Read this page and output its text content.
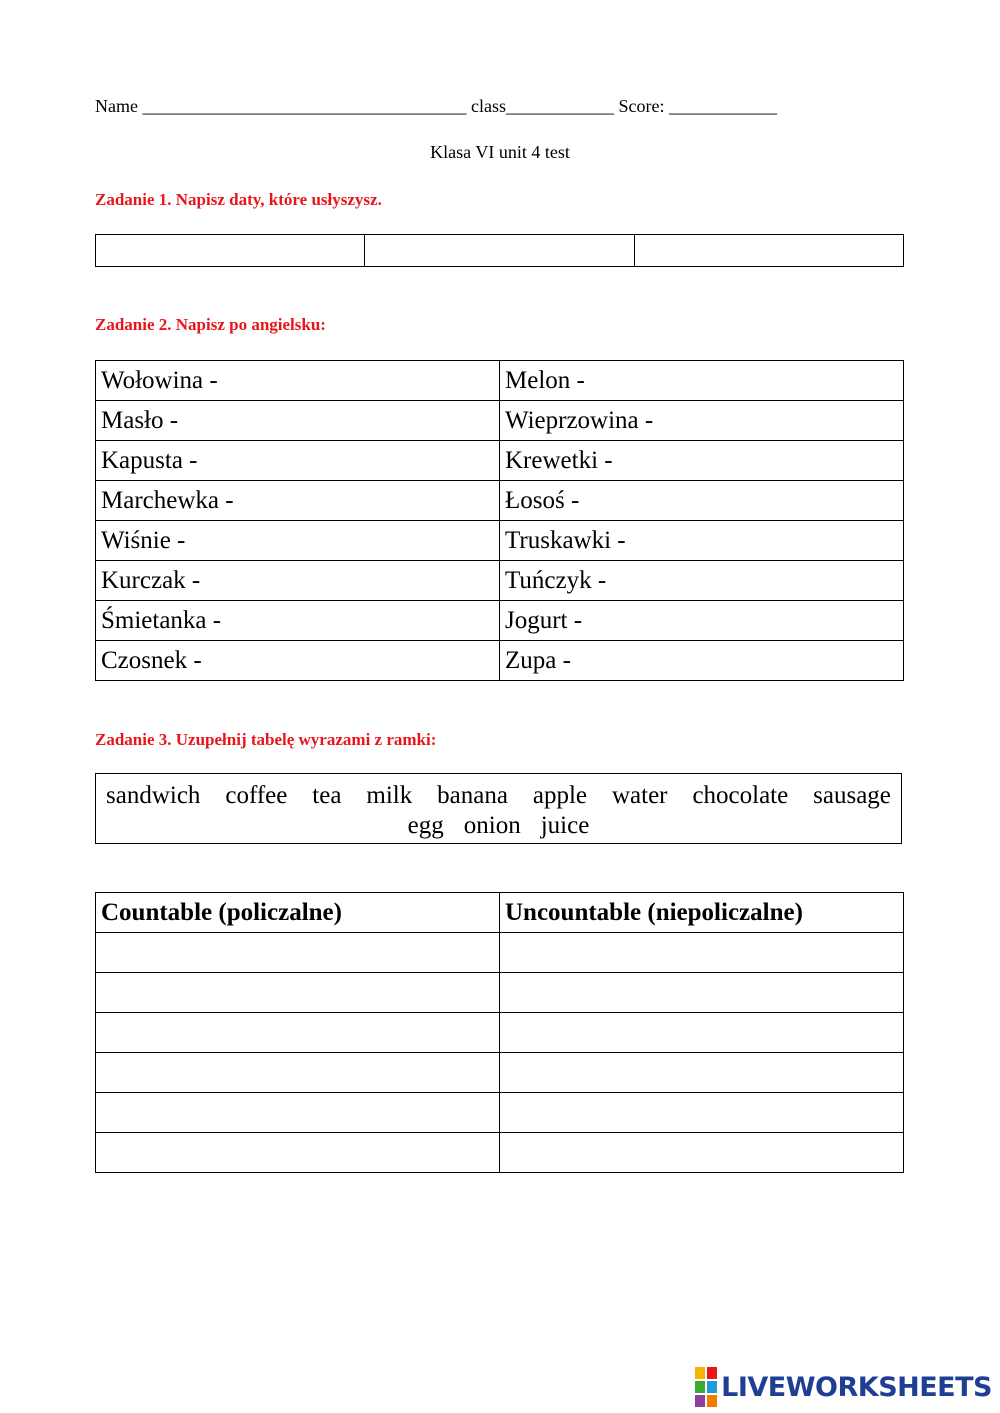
Name ____________________________________ class____________ Score: ____________
Klasa VI unit 4 test
Zadanie 1. Napisz daty, które usłyszysz.

Zadanie 2. Napisz po angielsku:
Wołowina -	Melon -
Masło -	Wieprzowina -
Kapusta -	Krewetki -
Marchewka -	Łosoś -
Wiśnie -	Truskawki -
Kurczak -	Tuńczyk -
Śmietanka -	Jogurt -
Czosnek -	Zupa -
Zadanie 3. Uzupełnij tabelę wyrazami z ramki:
sandwich coffee tea milk banana apple water chocolate sausage
egg onion juice
Countable (policzalne)	Uncountable (niepoliczalne)

LIVEWORKSHEETS
